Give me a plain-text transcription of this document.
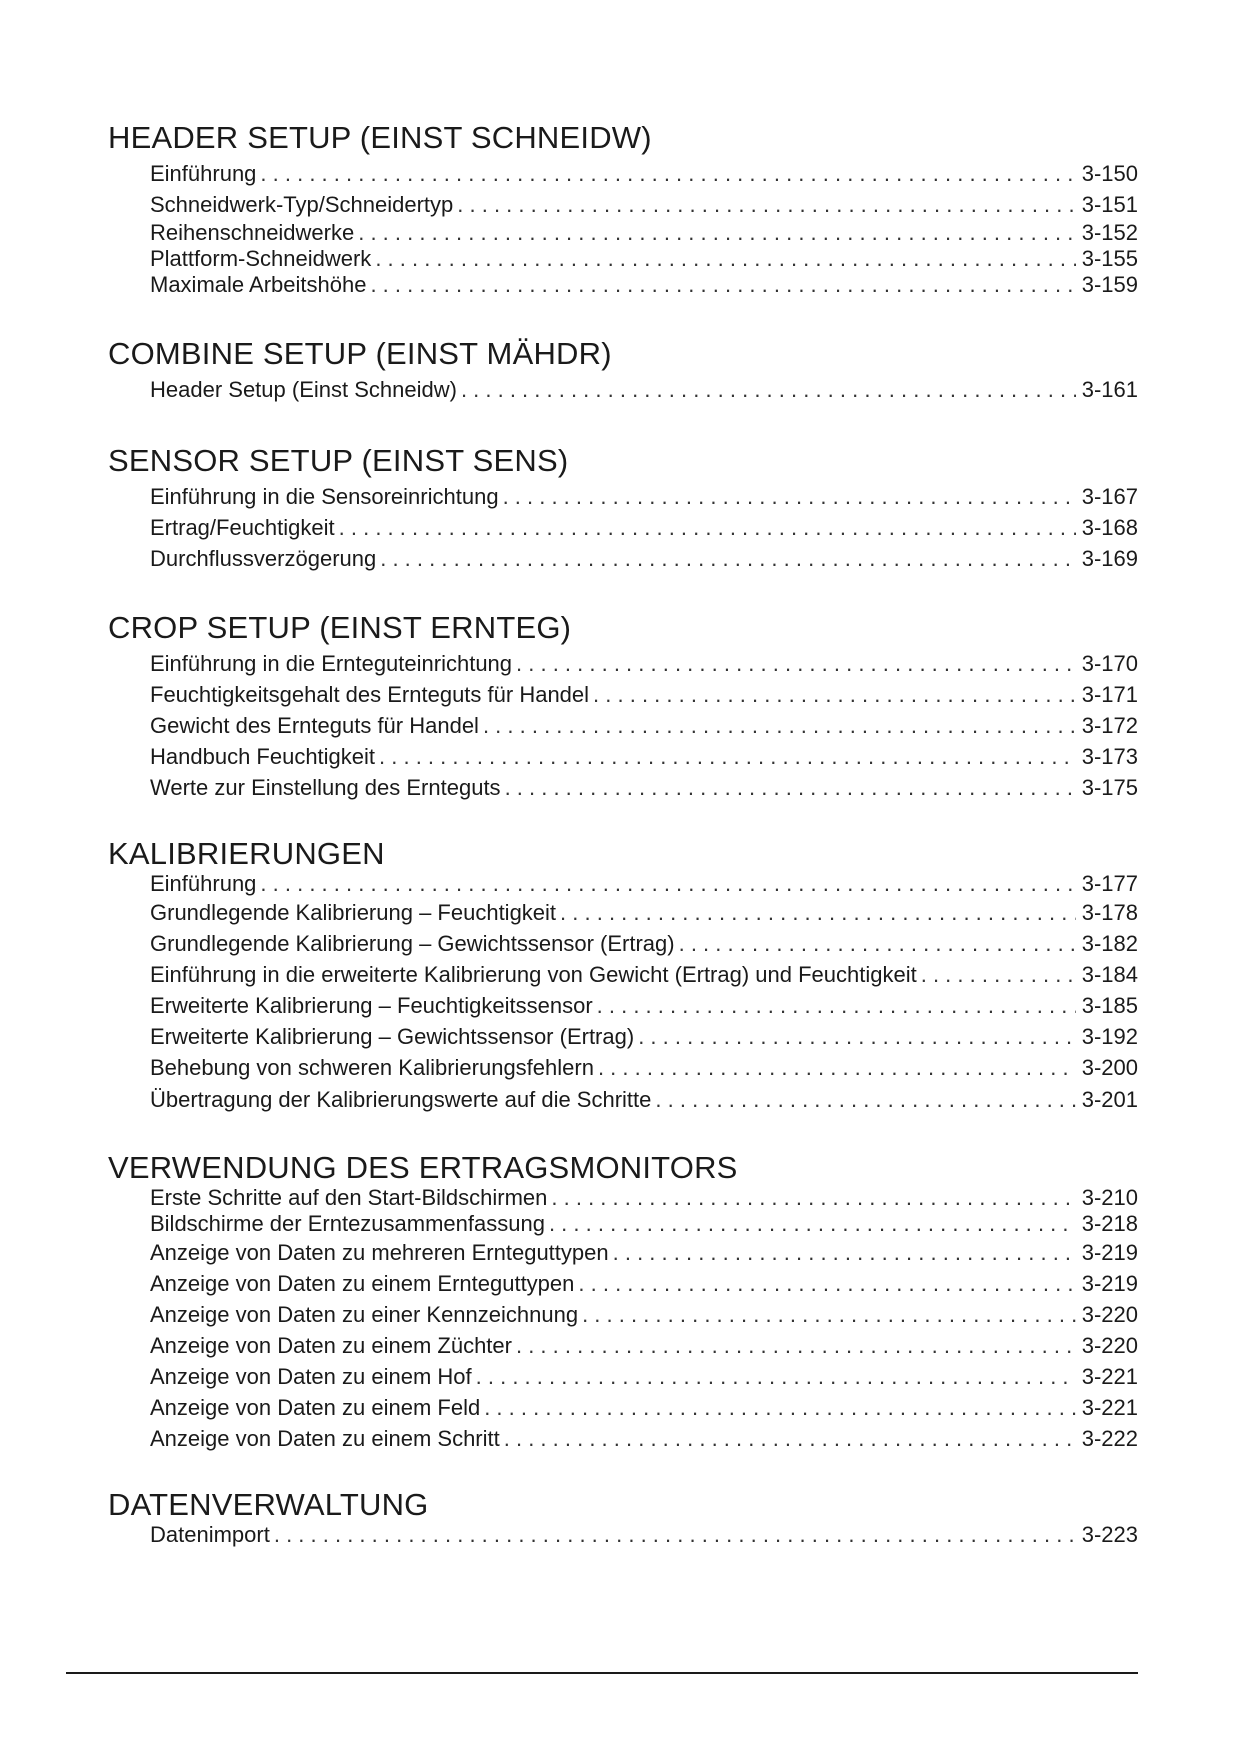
HEADER SETUP (EINST SCHNEIDW)
Einführung . . .	3-150
Schneidwerk-Typ/Schneidertyp . . .	3-151
Reihenschneidwerke . . .	3-152
Plattform-Schneidwerk . . .	3-155
Maximale Arbeitshöhe . . .	3-159
COMBINE SETUP (EINST MÄHDR)
Header Setup (Einst Schneidw) . . .	3-161
SENSOR SETUP (EINST SENS)
Einführung in die Sensoreinrichtung . . .	3-167
Ertrag/Feuchtigkeit . . .	3-168
Durchflussverzögerung . . .	3-169
CROP SETUP (EINST ERNTEG)
Einführung in die Ernteguteinrichtung . . .	3-170
Feuchtigkeitsgehalt des Ernteguts für Handel . . .	3-171
Gewicht des Ernteguts für Handel . . .	3-172
Handbuch Feuchtigkeit . . .	3-173
Werte zur Einstellung des Ernteguts . . .	3-175
KALIBRIERUNGEN
Einführung . . .	3-177
Grundlegende Kalibrierung – Feuchtigkeit . . .	3-178
Grundlegende Kalibrierung – Gewichtssensor (Ertrag) . . .	3-182
Einführung in die erweiterte Kalibrierung von Gewicht (Ertrag) und Feuchtigkeit . . .	3-184
Erweiterte Kalibrierung – Feuchtigkeitssensor . . .	3-185
Erweiterte Kalibrierung – Gewichtssensor (Ertrag) . . .	3-192
Behebung von schweren Kalibrierungsfehlern . . .	3-200
Übertragung der Kalibrierungswerte auf die Schritte . . .	3-201
VERWENDUNG DES ERTRAGSMONITORS
Erste Schritte auf den Start-Bildschirmen . . .	3-210
Bildschirme der Erntezusammenfassung . . .	3-218
Anzeige von Daten zu mehreren Ernteguttypen . . .	3-219
Anzeige von Daten zu einem Ernteguttypen . . .	3-219
Anzeige von Daten zu einer Kennzeichnung . . .	3-220
Anzeige von Daten zu einem Züchter . . .	3-220
Anzeige von Daten zu einem Hof . . .	3-221
Anzeige von Daten zu einem Feld . . .	3-221
Anzeige von Daten zu einem Schritt . . .	3-222
DATENVERWALTUNG
Datenimport . . .	3-223
